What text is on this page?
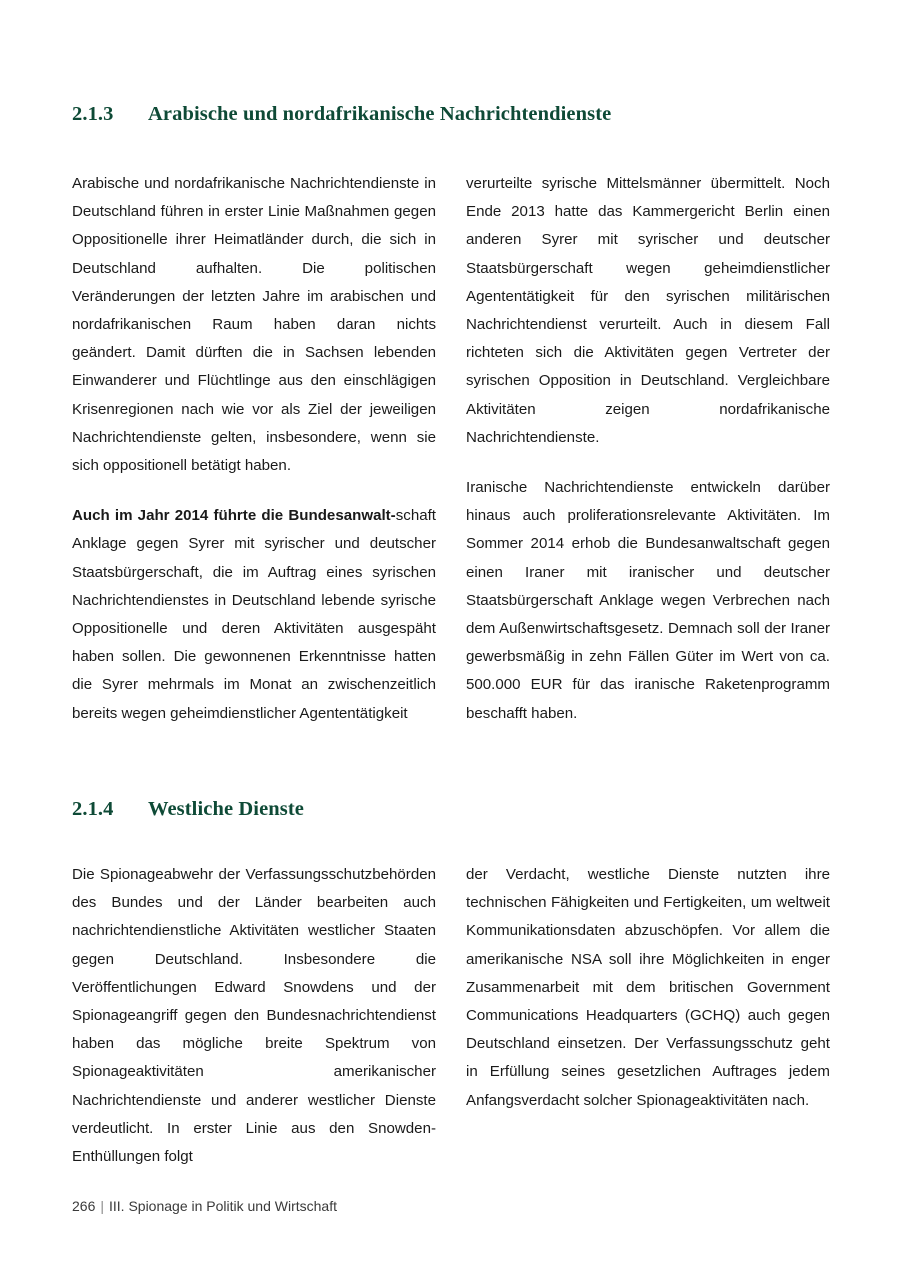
2.1.3 Arabische und nordafrikanische Nachrichtendienste

Arabische und nordafrikanische Nachrichtendienste in Deutschland führen in erster Linie Maßnahmen gegen Oppositionelle ihrer Heimatländer durch, die sich in Deutschland aufhalten. Die politischen Veränderungen der letzten Jahre im arabischen und nordafrikanischen Raum haben daran nichts geändert. Damit dürften die in Sachsen lebenden Einwanderer und Flüchtlinge aus den einschlägigen Krisenregionen nach wie vor als Ziel der jeweiligen Nachrichtendienste gelten, insbesondere, wenn sie sich oppositionell betätigt haben.

Auch im Jahr 2014 führte die Bundesanwalt-schaft Anklage gegen Syrer mit syrischer und deutscher Staatsbürgerschaft, die im Auftrag eines syrischen Nachrichtendienstes in Deutschland lebende syrische Oppositionelle und deren Aktivitäten ausgespäht haben sollen. Die gewonnenen Erkenntnisse hatten die Syrer mehrmals im Monat an zwischenzeitlich bereits wegen geheimdienstlicher Agententätigkeit

verurteilte syrische Mittelsmänner übermittelt. Noch Ende 2013 hatte das Kammergericht Berlin einen anderen Syrer mit syrischer und deutscher Staatsbürgerschaft wegen geheimdienstlicher Agententätigkeit für den syrischen militärischen Nachrichtendienst verurteilt. Auch in diesem Fall richteten sich die Aktivitäten gegen Vertreter der syrischen Opposition in Deutschland. Vergleichbare Aktivitäten zeigen nordafrikanische Nachrichtendienste.

Iranische Nachrichtendienste entwickeln darüber hinaus auch proliferationsrelevante Aktivitäten. Im Sommer 2014 erhob die Bundesanwaltschaft gegen einen Iraner mit iranischer und deutscher Staatsbürgerschaft Anklage wegen Verbrechen nach dem Außenwirtschaftsgesetz. Demnach soll der Iraner gewerbsmäßig in zehn Fällen Güter im Wert von ca. 500.000 EUR für das iranische Raketenprogramm beschafft haben.

2.1.4 Westliche Dienste

Die Spionageabwehr der Verfassungsschutzbehörden des Bundes und der Länder bearbeiten auch nachrichtendienstliche Aktivitäten westlicher Staaten gegen Deutschland. Insbesondere die Veröffentlichungen Edward Snowdens und der Spionageangriff gegen den Bundesnachrichtendienst haben das mögliche breite Spektrum von Spionageaktivitäten amerikanischer Nachrichtendienste und anderer westlicher Dienste verdeutlicht. In erster Linie aus den Snowden-Enthüllungen folgt

der Verdacht, westliche Dienste nutzten ihre technischen Fähigkeiten und Fertigkeiten, um weltweit Kommunikationsdaten abzuschöpfen. Vor allem die amerikanische NSA soll ihre Möglichkeiten in enger Zusammenarbeit mit dem britischen Government Communications Headquarters (GCHQ) auch gegen Deutschland einsetzen. Der Verfassungsschutz geht in Erfüllung seines gesetzlichen Auftrages jedem Anfangsverdacht solcher Spionageaktivitäten nach.

266 | III. Spionage in Politik und Wirtschaft
